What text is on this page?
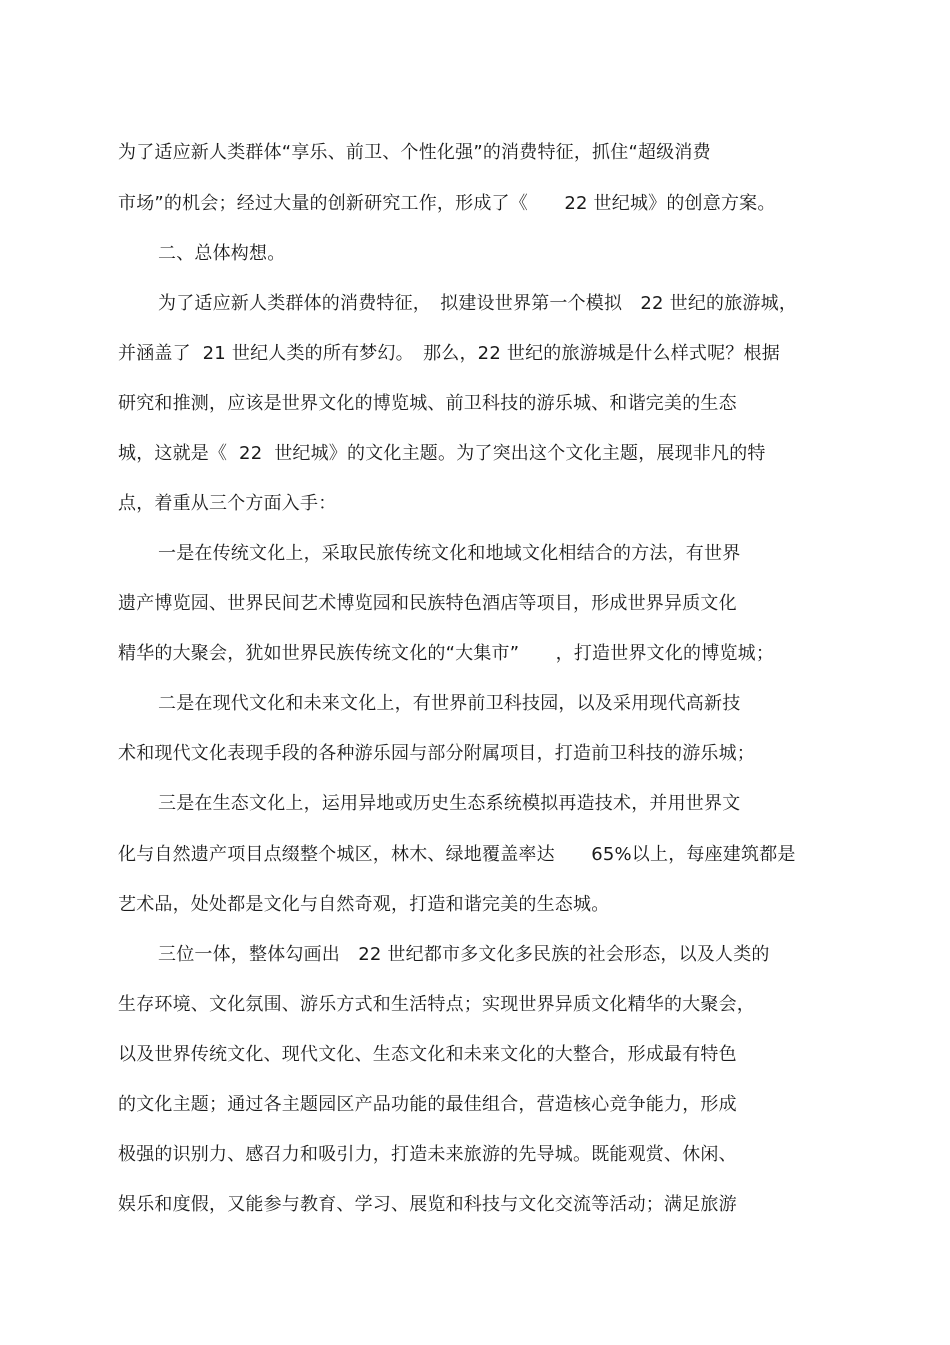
为了适应新人类群体“享乐、前卫、个性化强”的消费特征，抓住“超级消费
市场”的机会；经过大量的创新研究工作，形成了《　　22 世纪城》的创意方案。
二、总体构想。
为了适应新人类群体的消费特征，　拟建设世界第一个模拟　22 世纪的旅游城，
并涵盖了  21 世纪人类的所有梦幻。　那么，22 世纪的旅游城是什么样式呢？根据
研究和推测，应该是世界文化的博览城、前卫科技的游乐城、和谐完美的生态
城，这就是《  22  世纪城》的文化主题。为了突出这个文化主题，展现非凡的特
点，着重从三个方面入手：
一是在传统文化上，采取民旅传统文化和地域文化相结合的方法，有世界
遗产博览园、世界民间艺术博览园和民族特色酒店等项目，形成世界异质文化
精华的大聚会，犹如世界民族传统文化的“大集市”　　，打造世界文化的博览城；
二是在现代文化和未来文化上，有世界前卫科技园，以及采用现代高新技
术和现代文化表现手段的各种游乐园与部分附属项目，打造前卫科技的游乐城；
三是在生态文化上，运用异地或历史生态系统模拟再造技术，并用世界文
化与自然遗产项目点缀整个城区，林木、绿地覆盖率达　　65%以上，每座建筑都是
艺术品，处处都是文化与自然奇观，打造和谐完美的生态城。
三位一体，整体勾画出　22 世纪都市多文化多民族的社会形态，以及人类的
生存环境、文化氛围、游乐方式和生活特点；实现世界异质文化精华的大聚会，
以及世界传统文化、现代文化、生态文化和未来文化的大整合，形成最有特色
的文化主题；通过各主题园区产品功能的最佳组合，营造核心竞争能力，形成
极强的识别力、感召力和吸引力，打造未来旅游的先导城。既能观赏、休闲、
娱乐和度假，又能参与教育、学习、展览和科技与文化交流等活动；满足旅游
